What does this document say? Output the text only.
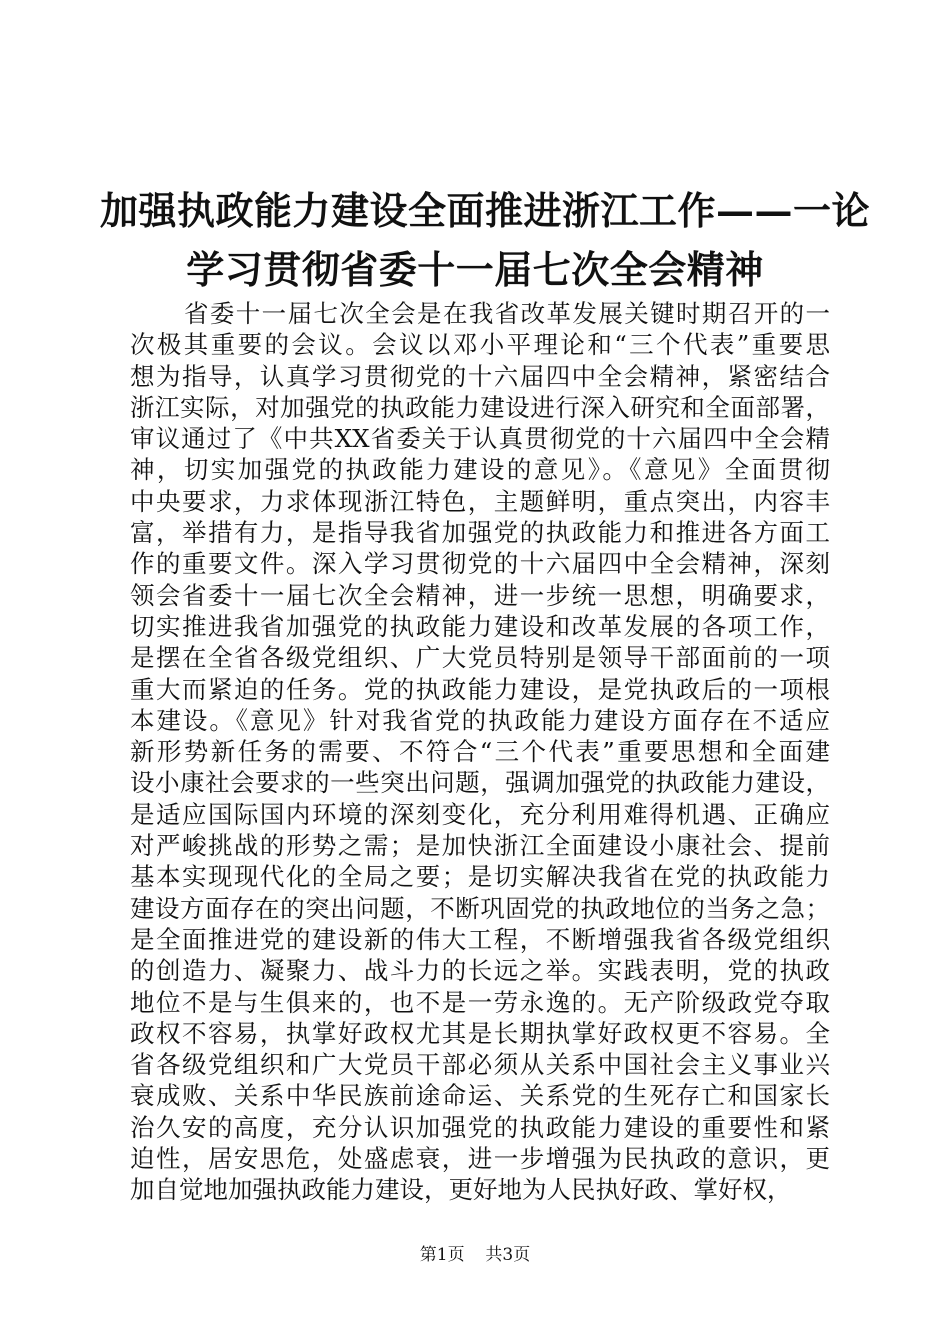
加强执政能力建设全面推进浙江工作——一论
学习贯彻省委十一届七次全会精神
省委十一届七次全会是在我省改革发展关键时期召开的一
次极其重要的会议。会议以邓小平理论和“三个代表”重要思
想为指导，认真学习贯彻党的十六届四中全会精神，紧密结合
浙江实际，对加强党的执政能力建设进行深入研究和全面部署，
审议通过了《中共XX省委关于认真贯彻党的十六届四中全会精
神，切实加强党的执政能力建设的意见》。《意见》全面贯彻
中央要求，力求体现浙江特色，主题鲜明，重点突出，内容丰
富，举措有力，是指导我省加强党的执政能力和推进各方面工
作的重要文件。深入学习贯彻党的十六届四中全会精神，深刻
领会省委十一届七次全会精神，进一步统一思想，明确要求，
切实推进我省加强党的执政能力建设和改革发展的各项工作，
是摆在全省各级党组织、广大党员特别是领导干部面前的一项
重大而紧迫的任务。党的执政能力建设，是党执政后的一项根
本建设。《意见》针对我省党的执政能力建设方面存在不适应
新形势新任务的需要、不符合“三个代表”重要思想和全面建
设小康社会要求的一些突出问题，强调加强党的执政能力建设，
是适应国际国内环境的深刻变化，充分利用难得机遇、正确应
对严峻挑战的形势之需；是加快浙江全面建设小康社会、提前
基本实现现代化的全局之要；是切实解决我省在党的执政能力
建设方面存在的突出问题，不断巩固党的执政地位的当务之急；
是全面推进党的建设新的伟大工程，不断增强我省各级党组织
的创造力、凝聚力、战斗力的长远之举。实践表明，党的执政
地位不是与生俱来的，也不是一劳永逸的。无产阶级政党夺取
政权不容易，执掌好政权尤其是长期执掌好政权更不容易。全
省各级党组织和广大党员干部必须从关系中国社会主义事业兴
衰成败、关系中华民族前途命运、关系党的生死存亡和国家长
治久安的高度，充分认识加强党的执政能力建设的重要性和紧
迫性，居安思危，处盛虑衰，进一步增强为民执政的意识，更
加自觉地加强执政能力建设，更好地为人民执好政、掌好权，
第1页 共3页
